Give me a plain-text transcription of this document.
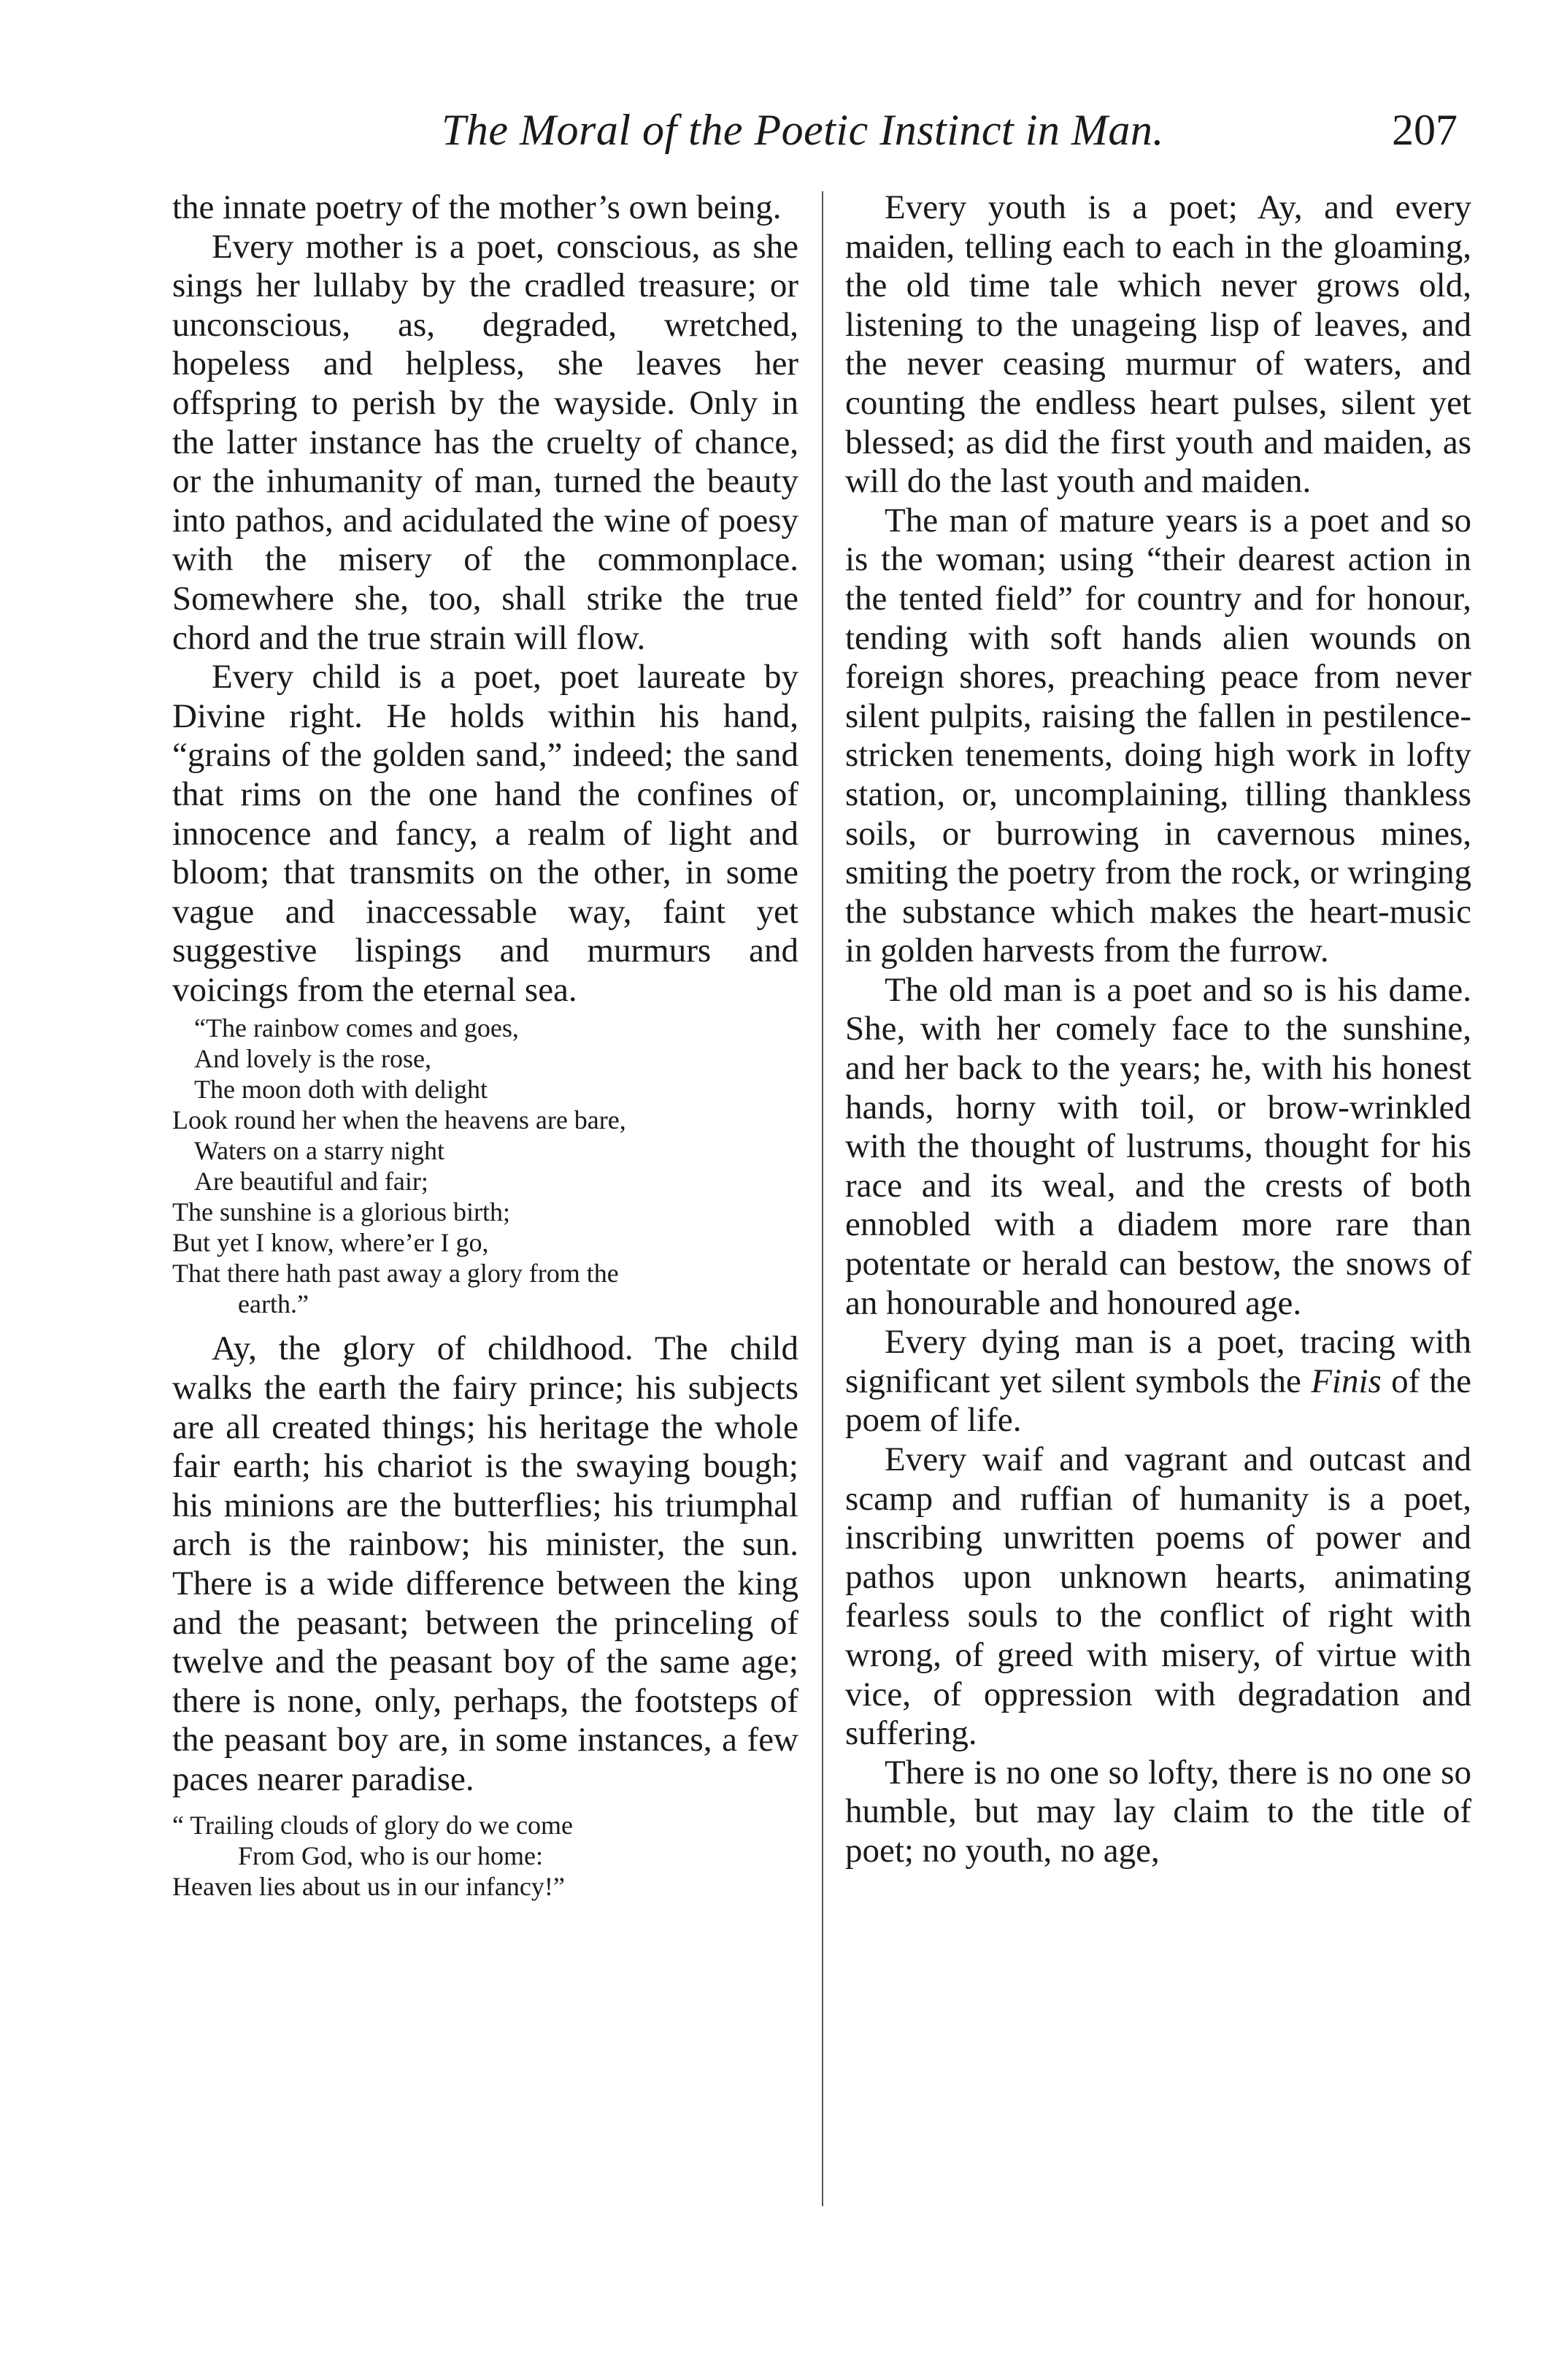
The Moral of the Poetic Instinct in Man.	207

the innate poetry of the mother’s own being.

Every mother is a poet, conscious, as she sings her lullaby by the cradled treasure; or unconscious, as, degraded, wretched, hopeless and helpless, she leaves her offspring to perish by the wayside. Only in the latter instance has the cruelty of chance, or the inhumanity of man, turned the beauty into pathos, and acidulated the wine of poesy with the misery of the commonplace. Somewhere she, too, shall strike the true chord and the true strain will flow.

Every child is a poet, poet laureate by Divine right. He holds within his hand, “grains of the golden sand,” indeed; the sand that rims on the one hand the confines of innocence and fancy, a realm of light and bloom; that transmits on the other, in some vague and inaccessable way, faint yet suggestive lispings and murmurs and voicings from the eternal sea.

“The rainbow comes and goes,
And lovely is the rose,
The moon doth with delight
Look round her when the heavens are bare,
Waters on a starry night
Are beautiful and fair;
The sunshine is a glorious birth;
But yet I know, where’er I go,
That there hath past away a glory from the
earth.”

Ay, the glory of childhood. The child walks the earth the fairy prince; his subjects are all created things; his heritage the whole fair earth; his chariot is the swaying bough; his minions are the butterflies; his triumphal arch is the rainbow; his minister, the sun. There is a wide difference between the king and the peasant; between the princeling of twelve and the peasant boy of the same age; there is none, only, perhaps, the footsteps of the peasant boy are, in some instances, a few paces nearer paradise.

“ Trailing clouds of glory do we come
From God, who is our home:
Heaven lies about us in our infancy!”

Every youth is a poet; Ay, and every maiden, telling each to each in the gloaming, the old time tale which never grows old, listening to the unageing lisp of leaves, and the never ceasing murmur of waters, and counting the endless heart pulses, silent yet blessed; as did the first youth and maiden, as will do the last youth and maiden.

The man of mature years is a poet and so is the woman; using “their dearest action in the tented field” for country and for honour, tending with soft hands alien wounds on foreign shores, preaching peace from never silent pulpits, raising the fallen in pestilence-stricken tenements, doing high work in lofty station, or, uncomplaining, tilling thankless soils, or burrowing in cavernous mines, smiting the poetry from the rock, or wringing the substance which makes the heart-music in golden harvests from the furrow.

The old man is a poet and so is his dame. She, with her comely face to the sunshine, and her back to the years; he, with his honest hands, horny with toil, or brow-wrinkled with the thought of lustrums, thought for his race and its weal, and the crests of both ennobled with a diadem more rare than potentate or herald can bestow, the snows of an honourable and honoured age.

Every dying man is a poet, tracing with significant yet silent symbols the Finis of the poem of life.

Every waif and vagrant and outcast and scamp and ruffian of humanity is a poet, inscribing unwritten poems of power and pathos upon unknown hearts, animating fearless souls to the conflict of right with wrong, of greed with misery, of virtue with vice, of oppression with degradation and suffering.

There is no one so lofty, there is no one so humble, but may lay claim to the title of poet; no youth, no age,
